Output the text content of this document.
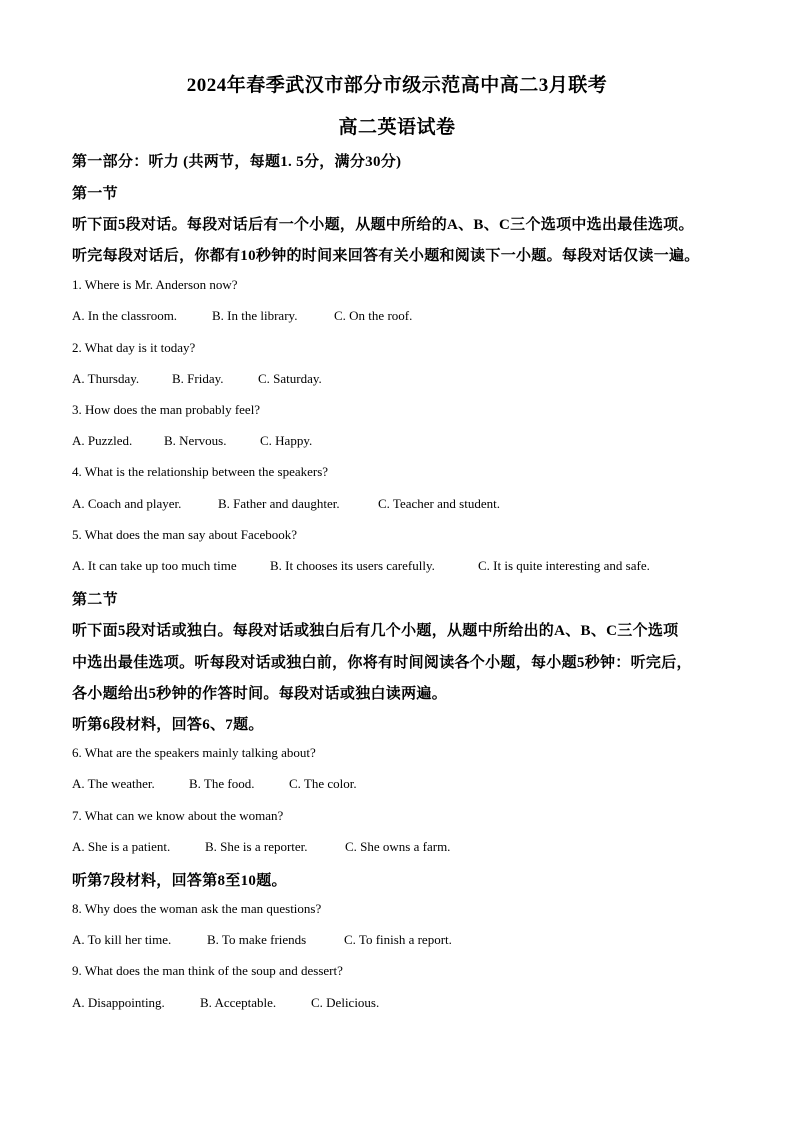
2024年春季武汉市部分市级示范高中高二3月联考
高二英语试卷
第一部分：听力 (共两节，每题1. 5分，满分30分)
第一节
听下面5段对话。每段对话后有一个小题，从题中所给的A、B、C三个选项中选出最佳选项。
听完每段对话后，你都有10秒钟的时间来回答有关小题和阅读下一小题。每段对话仅读一遍。
1. Where is Mr. Anderson now?
A. In the classroom.	B. In the library.	C. On the roof.
2. What day is it today?
A. Thursday.	B. Friday.	C. Saturday.
3. How does the man probably feel?
A. Puzzled. B. Nervous.	C. Happy.
4. What is the relationship between the speakers?
A. Coach and player.	B. Father and daughter.	C. Teacher and student.
5. What does the man say about Facebook?
A. It can take up too much time	B. It chooses its users carefully.	C. It is quite interesting and safe.
第二节
听下面5段对话或独白。每段对话或独白后有几个小题，从题中所给出的A、B、C三个选项
中选出最佳选项。听每段对话或独白前，你将有时间阅读各个小题，每小题5秒钟：听完后，
各小题给出5秒钟的作答时间。每段对话或独白读两遍。
听第6段材料，回答6、7题。
6. What are the speakers mainly talking about?
A. The weather.	B. The food.	C. The color.
7. What can we know about the woman?
A. She is a patient.	B. She is a reporter.	C. She owns a farm.
听第7段材料，回答第8至10题。
8. Why does the woman ask the man questions?
A. To kill her time.	B. To make friends	C. To finish a report.
9. What does the man think of the soup and dessert?
A. Disappointing.	B. Acceptable.	C. Delicious.
